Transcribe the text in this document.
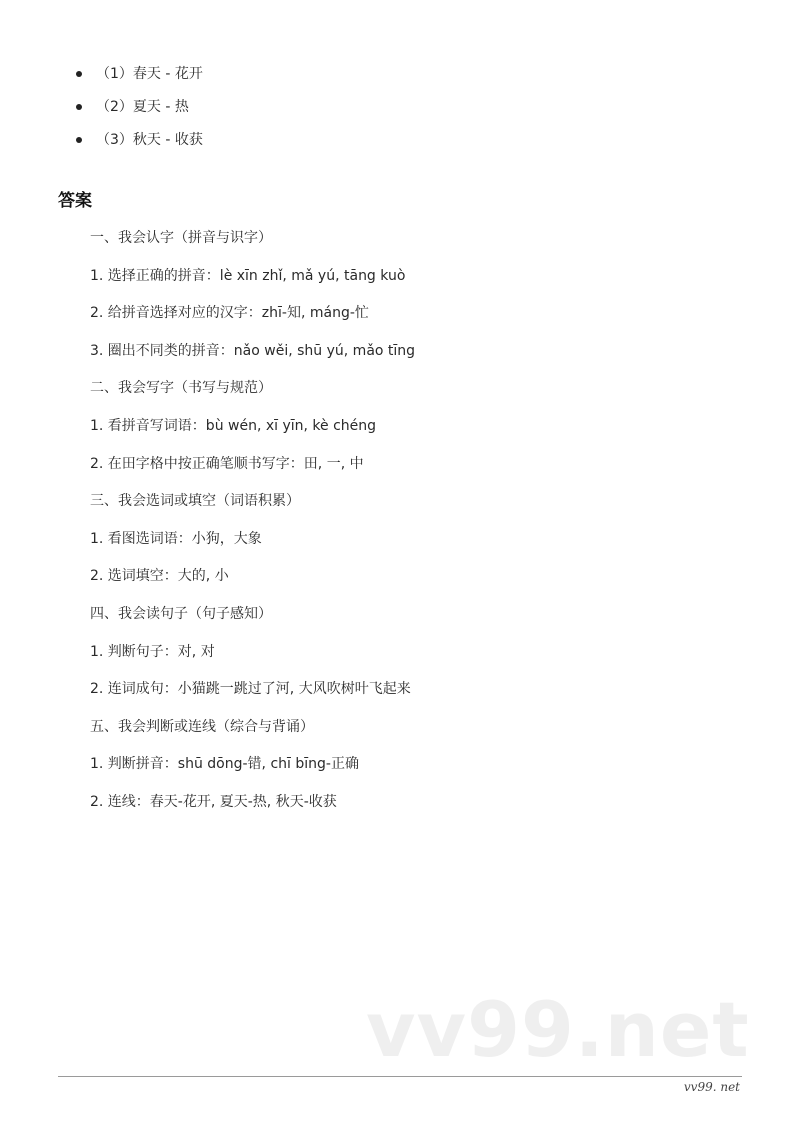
（1）春天 - 花开
（2）夏天 - 热
（3）秋天 - 收获
答案
一、我会认字（拼音与识字）
1. 选择正确的拼音：lè xīn zhǐ, mǎ yú, tāng kuò
2. 给拼音选择对应的汉字：zhī-知, máng-忙
3. 圈出不同类的拼音：nǎo wěi, shū yú, mǎo tīng
二、我会写字（书写与规范）
1. 看拼音写词语：bù wén, xī yīn, kè chéng
2. 在田字格中按正确笔顺书写字：田, 一, 中
三、我会选词或填空（词语积累）
1. 看图选词语：小狗，大象
2. 选词填空：大的, 小
四、我会读句子（句子感知）
1. 判断句子：对, 对
2. 连词成句：小猫跳一跳过了河, 大风吹树叶飞起来
五、我会判断或连线（综合与背诵）
1. 判断拼音：shū dōng-错, chī bīng-正确
2. 连线：春天-花开, 夏天-热, 秋天-收获
vv99.net
vv99. net
